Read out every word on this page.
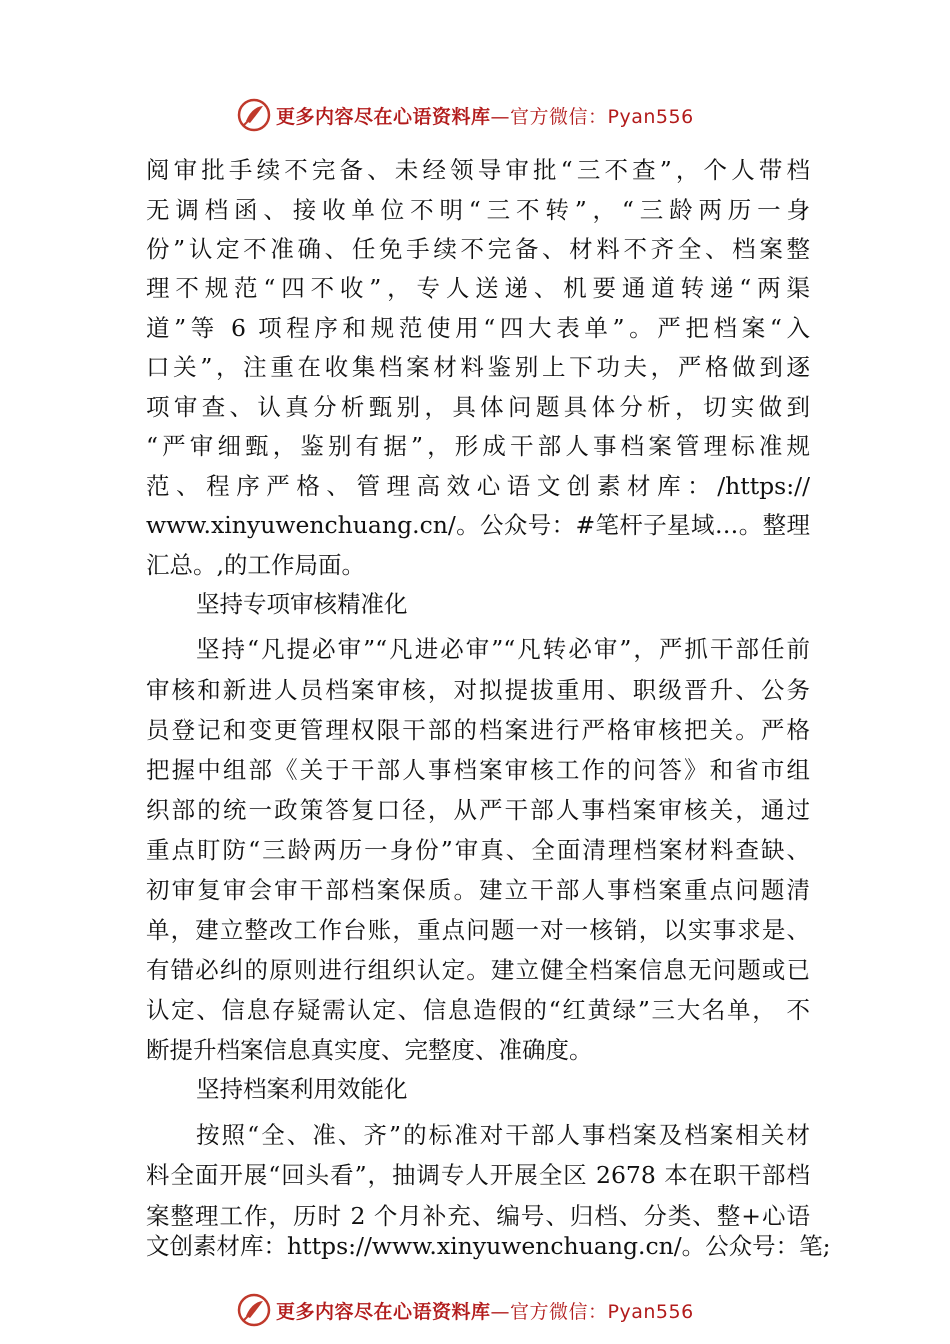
更多内容尽在心语资料库—官方微信：Pyan556
阅审批手续不完备、未经领导审批“三不查”，个人带档
无调档函、接收单位不明“三不转”，“三龄两历一身
份”认定不准确、任免手续不完备、材料不齐全、档案整
理不规范“四不收”，专人送递、机要通道转递“两渠
道”等 6 项程序和规范使用“四大表单”。严把档案“入
口关”，注重在收集档案材料鉴别上下功夫，严格做到逐
项审查、认真分析甄别，具体问题具体分析，切实做到
“严审细甄，鉴别有据”，形成干部人事档案管理标准规
范、程序严格、管理高效心语文创素材库：/https://
www.xinyuwenchuang.cn/。公众号：#笔杆子星域…。整理
汇总。,的工作局面。
坚持专项审核精准化
坚持“凡提必审”“凡进必审”“凡转必审”，严抓干部任前
审核和新进人员档案审核，对拟提拔重用、职级晋升、公务
员登记和变更管理权限干部的档案进行严格审核把关。严格
把握中组部《关于干部人事档案审核工作的问答》和省市组
织部的统一政策答复口径，从严干部人事档案审核关，通过
重点盯防“三龄两历一身份”审真、全面清理档案材料查缺、
初审复审会审干部档案保质。建立干部人事档案重点问题清
单，建立整改工作台账，重点问题一对一核销，以实事求是、
有错必纠的原则进行组织认定。建立健全档案信息无问题或已
认定、信息存疑需认定、信息造假的“红黄绿”三大名单， 不
断提升档案信息真实度、完整度、准确度。
坚持档案利用效能化
按照“全、准、齐”的标准对干部人事档案及档案相关材
料全面开展“回头看”，抽调专人开展全区 2678 本在职干部档
案整理工作，历时 2 个月补充、编号、归档、分类、整+心语
文创素材库：https://www.xinyuwenchuang.cn/。公众号：笔;
更多内容尽在心语资料库—官方微信：Pyan556
